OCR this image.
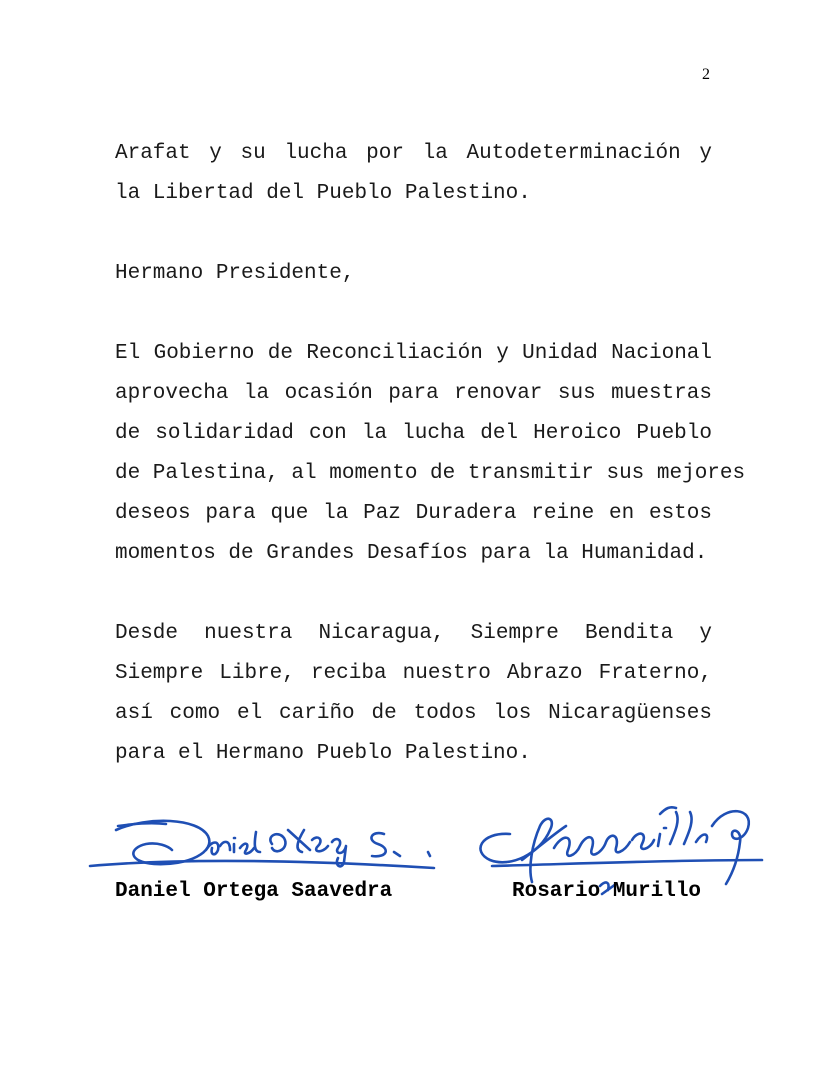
2
Arafat y su lucha por la Autodeterminación y
la Libertad del Pueblo Palestino.
Hermano Presidente,
El Gobierno de Reconciliación y Unidad Nacional
aprovecha la ocasión para renovar sus muestras
de solidaridad con la lucha del Heroico Pueblo
de Palestina, al momento de transmitir sus mejores
deseos para que la Paz Duradera reine en estos
momentos de Grandes Desafíos para la Humanidad.
Desde nuestra Nicaragua, Siempre Bendita y
Siempre Libre, reciba nuestro Abrazo Fraterno,
así como el cariño de todos los Nicaragüenses
para el Hermano Pueblo Palestino.
Daniel Ortega Saavedra	Rosario Murillo
